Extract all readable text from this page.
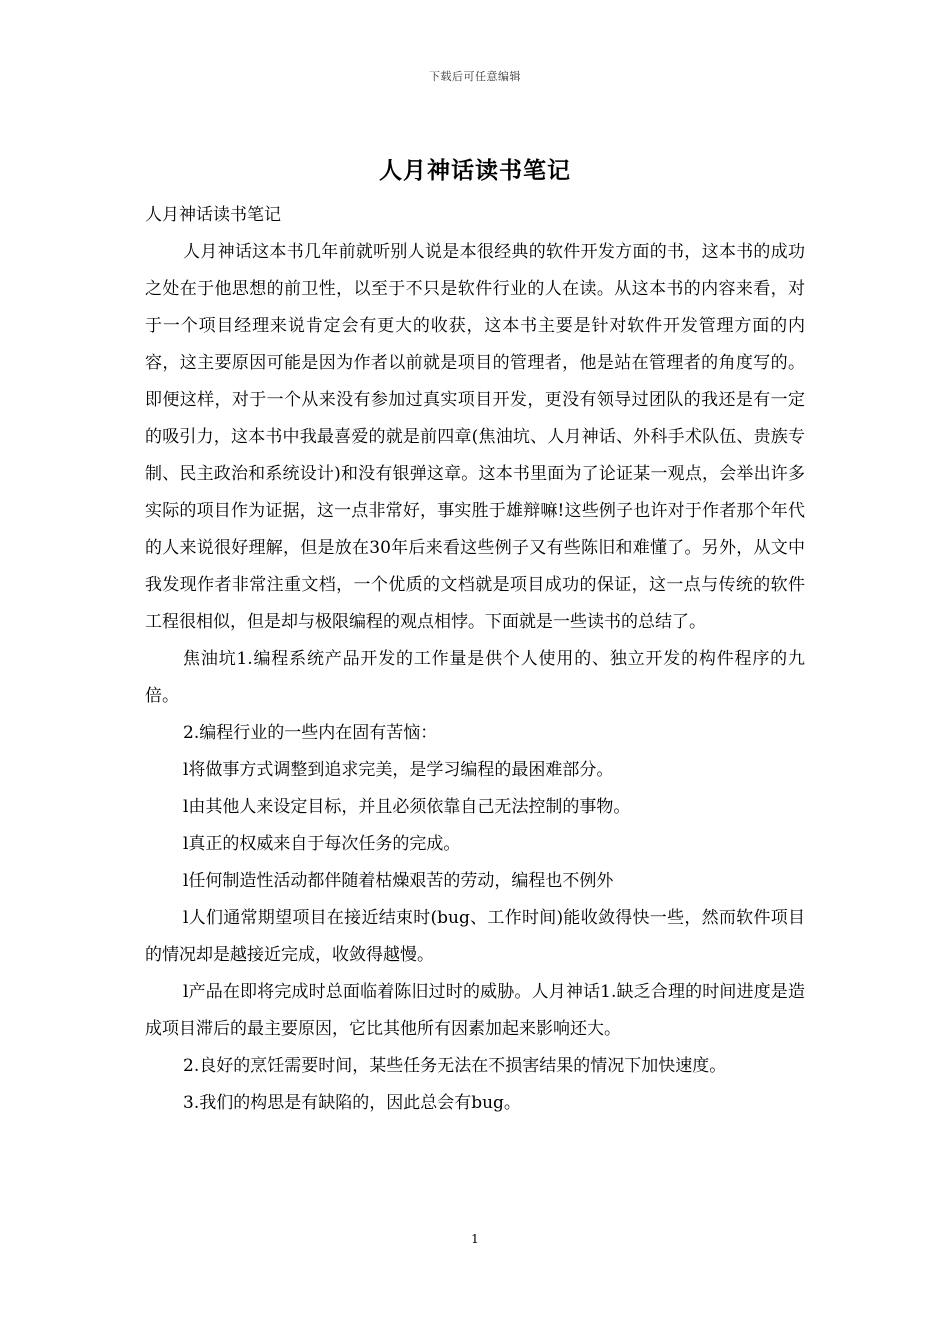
下载后可任意编辑
人月神话读书笔记

人月神话读书笔记

人月神话这本书几年前就听别人说是本很经典的软件开发方面的书，这本书的成功之处在于他思想的前卫性，以至于不只是软件行业的人在读。从这本书的内容来看，对于一个项目经理来说肯定会有更大的收获，这本书主要是针对软件开发管理方面的内容，这主要原因可能是因为作者以前就是项目的管理者，他是站在管理者的角度写的。即便这样，对于一个从来没有参加过真实项目开发，更没有领导过团队的我还是有一定的吸引力，这本书中我最喜爱的就是前四章(焦油坑、人月神话、外科手术队伍、贵族专制、民主政治和系统设计)和没有银弹这章。这本书里面为了论证某一观点，会举出许多实际的项目作为证据，这一点非常好，事实胜于雄辩嘛!这些例子也许对于作者那个年代的人来说很好理解，但是放在30年后来看这些例子又有些陈旧和难懂了。另外，从文中我发现作者非常注重文档，一个优质的文档就是项目成功的保证，这一点与传统的软件工程很相似，但是却与极限编程的观点相悖。下面就是一些读书的总结了。

焦油坑1.编程系统产品开发的工作量是供个人使用的、独立开发的构件程序的九倍。

2.编程行业的一些内在固有苦恼：

l将做事方式调整到追求完美，是学习编程的最困难部分。

l由其他人来设定目标，并且必须依靠自己无法控制的事物。

l真正的权威来自于每次任务的完成。

l任何制造性活动都伴随着枯燥艰苦的劳动，编程也不例外

l人们通常期望项目在接近结束时(bug、工作时间)能收敛得快一些，然而软件项目的情况却是越接近完成，收敛得越慢。

l产品在即将完成时总面临着陈旧过时的威胁。人月神话1.缺乏合理的时间进度是造成项目滞后的最主要原因，它比其他所有因素加起来影响还大。

2.良好的烹饪需要时间，某些任务无法在不损害结果的情况下加快速度。

3.我们的构思是有缺陷的，因此总会有bug。

1
